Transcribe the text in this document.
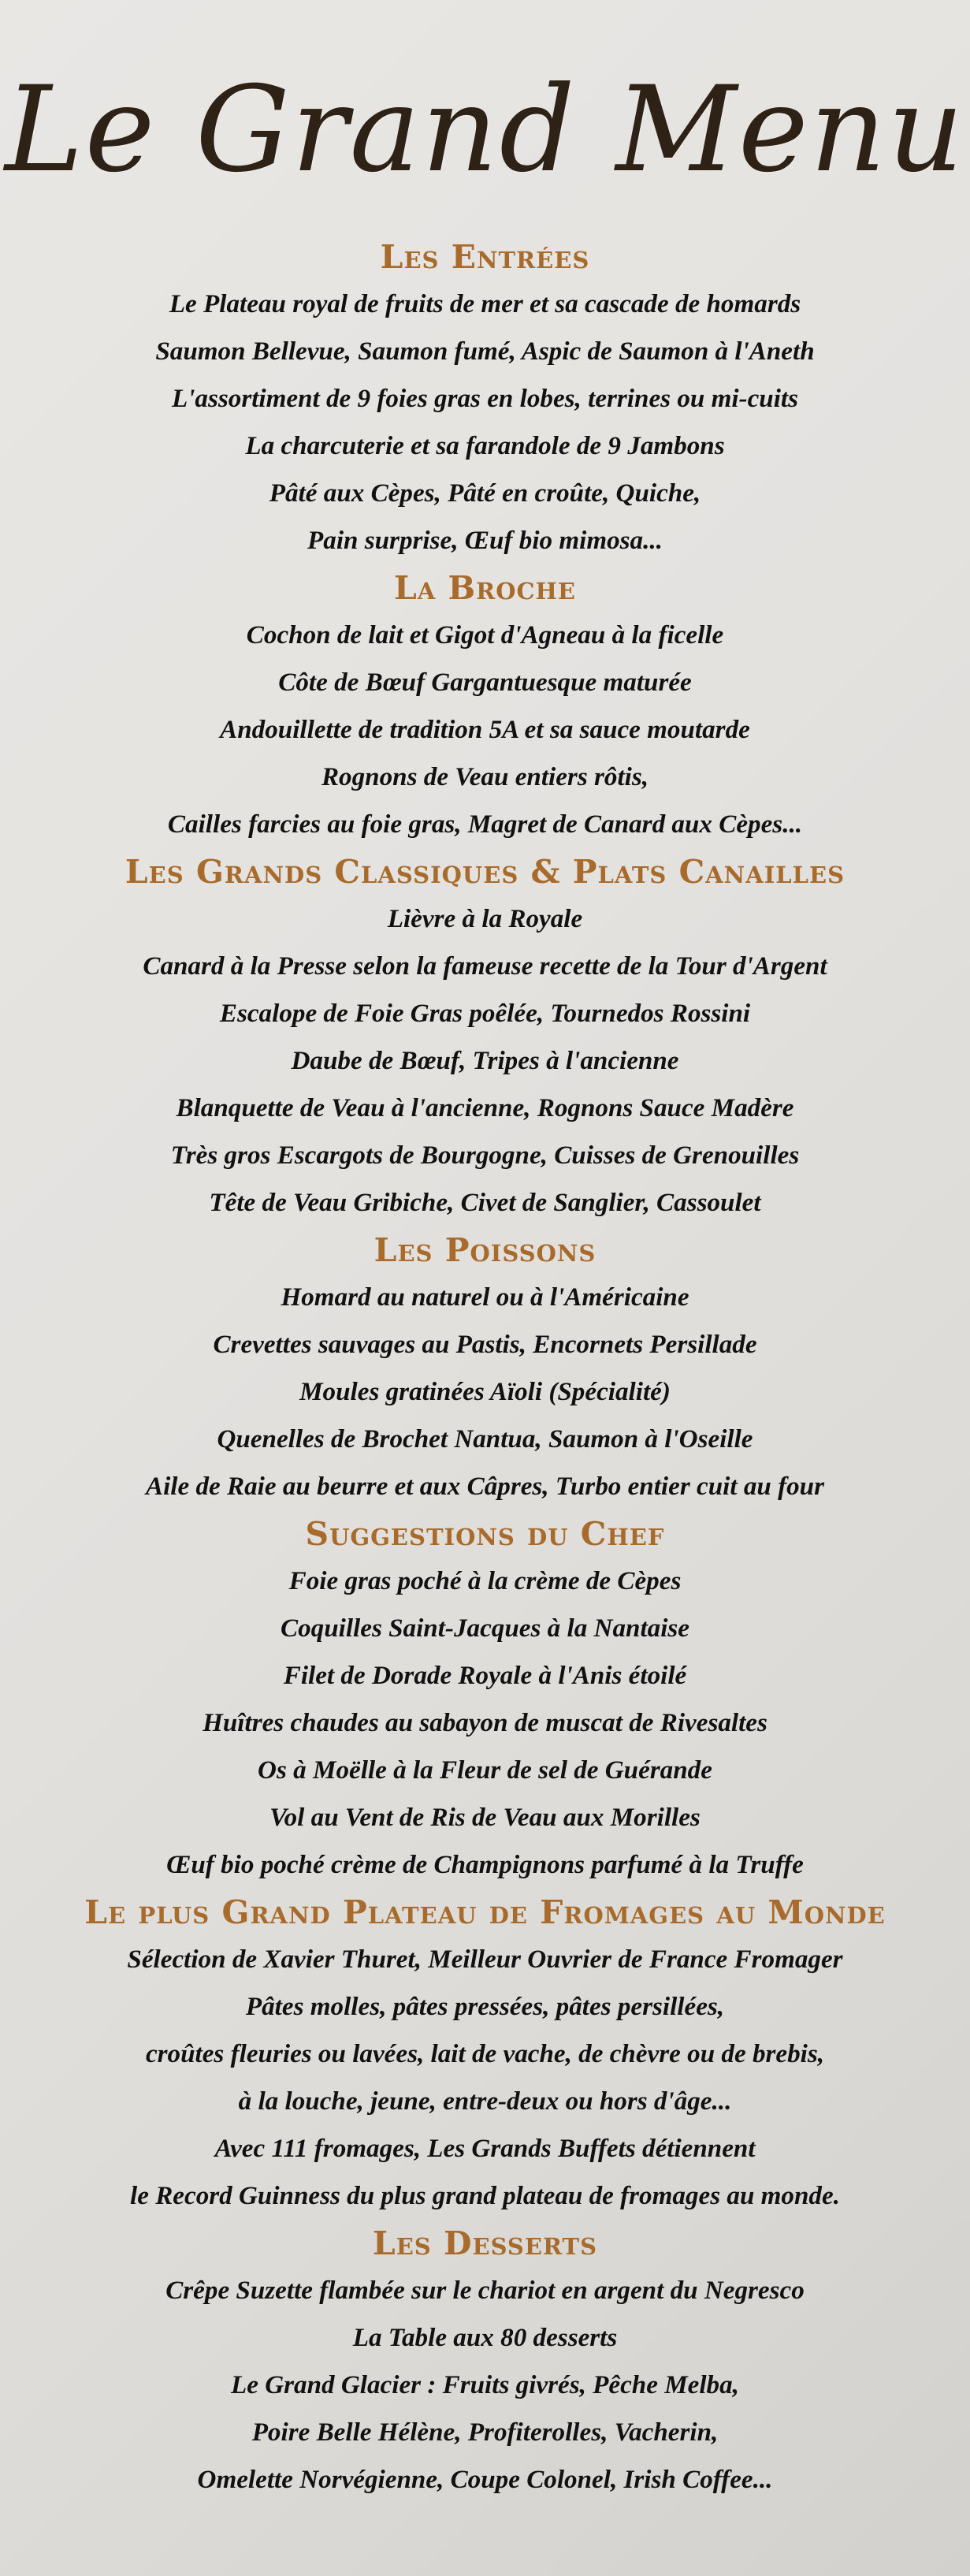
Le Grand Menu
Les Entrées
Le Plateau royal de fruits de mer et sa cascade de homards
Saumon Bellevue, Saumon fumé, Aspic de Saumon à l'Aneth
L'assortiment de 9 foies gras en lobes, terrines ou mi-cuits
La charcuterie et sa farandole de 9 Jambons
Pâté aux Cèpes, Pâté en croûte, Quiche,
Pain surprise, Œuf bio mimosa...
La Broche
Cochon de lait et Gigot d'Agneau à la ficelle
Côte de Bœuf Gargantuesque maturée
Andouillette de tradition 5A et sa sauce moutarde
Rognons de Veau entiers rôtis,
Cailles farcies au foie gras, Magret de Canard aux Cèpes...
Les Grands Classiques & Plats Canailles
Lièvre à la Royale
Canard à la Presse selon la fameuse recette de la Tour d'Argent
Escalope de Foie Gras poêlée, Tournedos Rossini
Daube de Bœuf, Tripes à l'ancienne
Blanquette de Veau à l'ancienne, Rognons Sauce Madère
Très gros Escargots de Bourgogne, Cuisses de Grenouilles
Tête de Veau Gribiche, Civet de Sanglier, Cassoulet
Les Poissons
Homard au naturel ou à l'Américaine
Crevettes sauvages au Pastis, Encornets Persillade
Moules gratinées Aïoli (Spécialité)
Quenelles de Brochet Nantua, Saumon à l'Oseille
Aile de Raie au beurre et aux Câpres, Turbo entier cuit au four
Suggestions du Chef
Foie gras poché à la crème de Cèpes
Coquilles Saint-Jacques à la Nantaise
Filet de Dorade Royale à l'Anis étoilé
Huîtres chaudes au sabayon de muscat de Rivesaltes
Os à Moëlle à la Fleur de sel de Guérande
Vol au Vent de Ris de Veau aux Morilles
Œuf bio poché crème de Champignons parfumé à la Truffe
Le plus Grand Plateau de Fromages au Monde
Sélection de Xavier Thuret, Meilleur Ouvrier de France Fromager
Pâtes molles, pâtes pressées, pâtes persillées,
croûtes fleuries ou lavées, lait de vache, de chèvre ou de brebis,
à la louche, jeune, entre-deux ou hors d'âge...
Avec 111 fromages, Les Grands Buffets détiennent
le Record Guinness du plus grand plateau de fromages au monde.
Les Desserts
Crêpe Suzette flambée sur le chariot en argent du Negresco
La Table aux 80 desserts
Le Grand Glacier : Fruits givrés, Pêche Melba,
Poire Belle Hélène, Profiterolles, Vacherin,
Omelette Norvégienne, Coupe Colonel, Irish Coffee...
